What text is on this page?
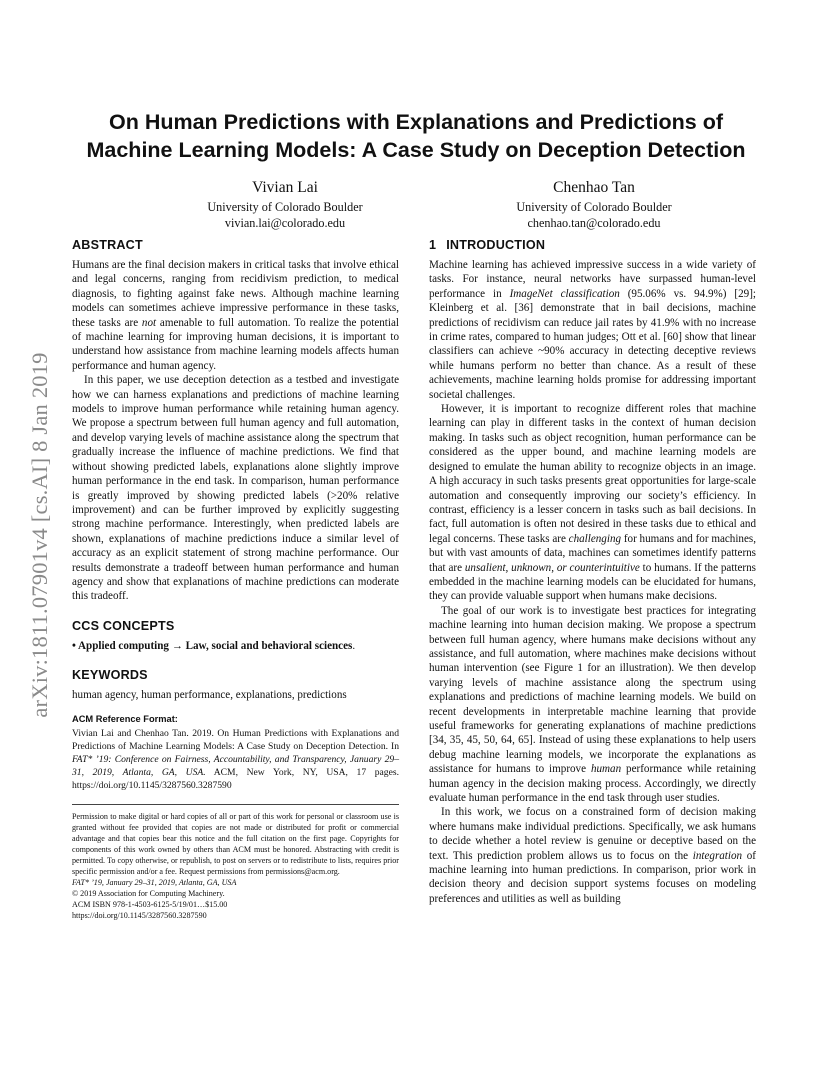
arXiv:1811.07901v4 [cs.AI] 8 Jan 2019
On Human Predictions with Explanations and Predictions of
Machine Learning Models: A Case Study on Deception Detection
Vivian Lai
University of Colorado Boulder
vivian.lai@colorado.edu
Chenhao Tan
University of Colorado Boulder
chenhao.tan@colorado.edu
ABSTRACT

Humans are the final decision makers in critical tasks that involve ethical and legal concerns, ranging from recidivism prediction, to medical diagnosis, to fighting against fake news. Although machine learning models can sometimes achieve impressive performance in these tasks, these tasks are not amenable to full automation. To realize the potential of machine learning for improving human decisions, it is important to understand how assistance from machine learning models affects human performance and human agency.

In this paper, we use deception detection as a testbed and investigate how we can harness explanations and predictions of machine learning models to improve human performance while retaining human agency. We propose a spectrum between full human agency and full automation, and develop varying levels of machine assistance along the spectrum that gradually increase the influence of machine predictions. We find that without showing predicted labels, explanations alone slightly improve human performance in the end task. In comparison, human performance is greatly improved by showing predicted labels (>20% relative improvement) and can be further improved by explicitly suggesting strong machine performance. Interestingly, when predicted labels are shown, explanations of machine predictions induce a similar level of accuracy as an explicit statement of strong machine performance. Our results demonstrate a tradeoff between human performance and human agency and show that explanations of machine predictions can moderate this tradeoff.

CCS CONCEPTS

• Applied computing → Law, social and behavioral sciences.

KEYWORDS

human agency, human performance, explanations, predictions

ACM Reference Format:
Vivian Lai and Chenhao Tan. 2019. On Human Predictions with Explanations and Predictions of Machine Learning Models: A Case Study on Deception Detection. In FAT* ’19: Conference on Fairness, Accountability, and Transparency, January 29–31, 2019, Atlanta, GA, USA. ACM, New York, NY, USA, 17 pages. https://doi.org/10.1145/3287560.3287590
Permission to make digital or hard copies of all or part of this work for personal or classroom use is granted without fee provided that copies are not made or distributed for profit or commercial advantage and that copies bear this notice and the full citation on the first page. Copyrights for components of this work owned by others than ACM must be honored. Abstracting with credit is permitted. To copy otherwise, or republish, to post on servers or to redistribute to lists, requires prior specific permission and/or a fee. Request permissions from permissions@acm.org.
FAT* ’19, January 29–31, 2019, Atlanta, GA, USA
© 2019 Association for Computing Machinery.
ACM ISBN 978-1-4503-6125-5/19/01…$15.00
https://doi.org/10.1145/3287560.3287590
1 INTRODUCTION

Machine learning has achieved impressive success in a wide variety of tasks. For instance, neural networks have surpassed human-level performance in ImageNet classification (95.06% vs. 94.9%) [29]; Kleinberg et al. [36] demonstrate that in bail decisions, machine predictions of recidivism can reduce jail rates by 41.9% with no increase in crime rates, compared to human judges; Ott et al. [60] show that linear classifiers can achieve ~90% accuracy in detecting deceptive reviews while humans perform no better than chance. As a result of these achievements, machine learning holds promise for addressing important societal challenges.

However, it is important to recognize different roles that machine learning can play in different tasks in the context of human decision making. In tasks such as object recognition, human performance can be considered as the upper bound, and machine learning models are designed to emulate the human ability to recognize objects in an image. A high accuracy in such tasks presents great opportunities for large-scale automation and consequently improving our society’s efficiency. In contrast, efficiency is a lesser concern in tasks such as bail decisions. In fact, full automation is often not desired in these tasks due to ethical and legal concerns. These tasks are challenging for humans and for machines, but with vast amounts of data, machines can sometimes identify patterns that are unsalient, unknown, or counterintuitive to humans. If the patterns embedded in the machine learning models can be elucidated for humans, they can provide valuable support when humans make decisions.

The goal of our work is to investigate best practices for integrating machine learning into human decision making. We propose a spectrum between full human agency, where humans make decisions without any assistance, and full automation, where machines make decisions without human intervention (see Figure 1 for an illustration). We then develop varying levels of machine assistance along the spectrum using explanations and predictions of machine learning models. We build on recent developments in interpretable machine learning that provide useful frameworks for generating explanations of machine predictions [34, 35, 45, 50, 64, 65]. Instead of using these explanations to help users debug machine learning models, we incorporate the explanations as assistance for humans to improve human performance while retaining human agency in the decision making process. Accordingly, we directly evaluate human performance in the end task through user studies.

In this work, we focus on a constrained form of decision making where humans make individual predictions. Specifically, we ask humans to decide whether a hotel review is genuine or deceptive based on the text. This prediction problem allows us to focus on the integration of machine learning into human predictions. In comparison, prior work in decision theory and decision support systems focuses on modeling preferences and utilities as well as building
